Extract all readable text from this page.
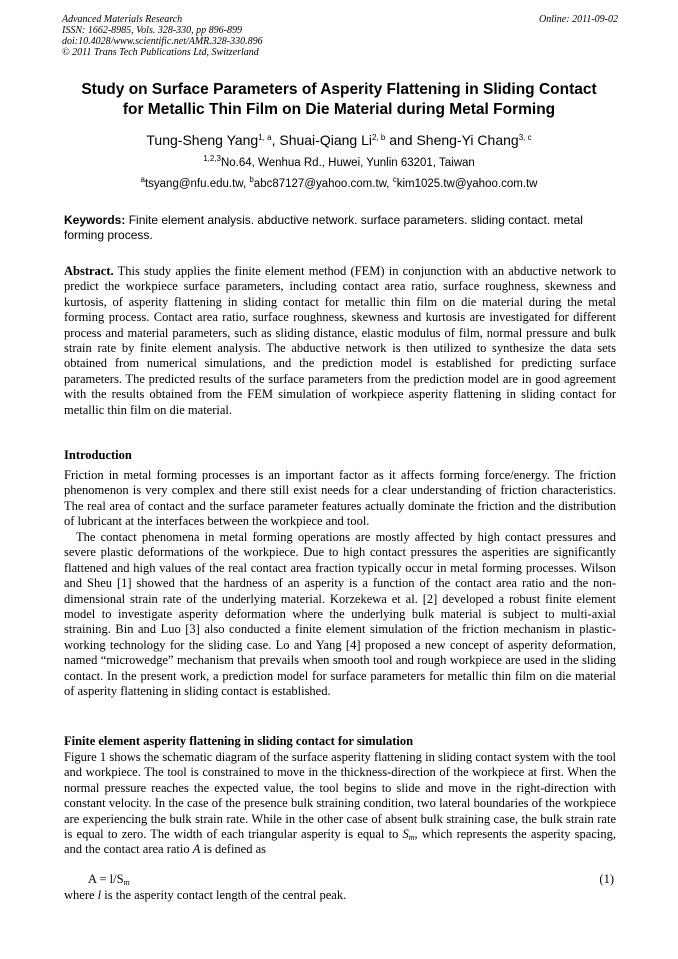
Advanced Materials Research
ISSN: 1662-8985, Vols. 328-330, pp 896-899
doi:10.4028/www.scientific.net/AMR.328-330.896
© 2011 Trans Tech Publications Ltd, Switzerland
Online: 2011-09-02
Study on Surface Parameters of Asperity Flattening in Sliding Contact
for Metallic Thin Film on Die Material during Metal Forming
Tung-Sheng Yang$^{1, a}$, Shuai-Qiang Li$^{2, b}$ and Sheng-Yi Chang$^{3, c}$
$^{1,2,3}$No.64, Wenhua Rd., Huwei, Yunlin 63201, Taiwan
$^a$tsyang@nfu.edu.tw, $^b$abc87127@yahoo.com.tw, $^c$kim1025.tw@yahoo.com.tw
Keywords: Finite element analysis. abductive network. surface parameters. sliding contact. metal forming process.
Abstract. This study applies the finite element method (FEM) in conjunction with an abductive network to predict the workpiece surface parameters, including contact area ratio, surface roughness, skewness and kurtosis, of asperity flattening in sliding contact for metallic thin film on die material during the metal forming process. Contact area ratio, surface roughness, skewness and kurtosis are investigated for different process and material parameters, such as sliding distance, elastic modulus of film, normal pressure and bulk strain rate by finite element analysis. The abductive network is then utilized to synthesize the data sets obtained from numerical simulations, and the prediction model is established for predicting surface parameters. The predicted results of the surface parameters from the prediction model are in good agreement with the results obtained from the FEM simulation of workpiece asperity flattening in sliding contact for metallic thin film on die material.
Introduction
Friction in metal forming processes is an important factor as it affects forming force/energy. The friction phenomenon is very complex and there still exist needs for a clear understanding of friction characteristics. The real area of contact and the surface parameter features actually dominate the friction and the distribution of lubricant at the interfaces between the workpiece and tool.
The contact phenomena in metal forming operations are mostly affected by high contact pressures and severe plastic deformations of the workpiece. Due to high contact pressures the asperities are significantly flattened and high values of the real contact area fraction typically occur in metal forming processes. Wilson and Sheu [1] showed that the hardness of an asperity is a function of the contact area ratio and the non-dimensional strain rate of the underlying material. Korzekewa et al. [2] developed a robust finite element model to investigate asperity deformation where the underlying bulk material is subject to multi-axial straining. Bin and Luo [3] also conducted a finite element simulation of the friction mechanism in plastic-working technology for the sliding case. Lo and Yang [4] proposed a new concept of asperity deformation, named “microwedge” mechanism that prevails when smooth tool and rough workpiece are used in the sliding contact. In the present work, a prediction model for surface parameters for metallic thin film on die material of asperity flattening in sliding contact is established.
Finite element asperity flattening in sliding contact for simulation
Figure 1 shows the schematic diagram of the surface asperity flattening in sliding contact system with the tool and workpiece. The tool is constrained to move in the thickness-direction of the workpiece at first. When the normal pressure reaches the expected value, the tool begins to slide and move in the right-direction with constant velocity. In the case of the presence bulk straining condition, two lateral boundaries of the workpiece are experiencing the bulk strain rate. While in the other case of absent bulk straining case, the bulk strain rate is equal to zero. The width of each triangular asperity is equal to $S_m$, which represents the asperity spacing, and the contact area ratio A is defined as
$A = l/S_m$	(1)
where l is the asperity contact length of the central peak.
